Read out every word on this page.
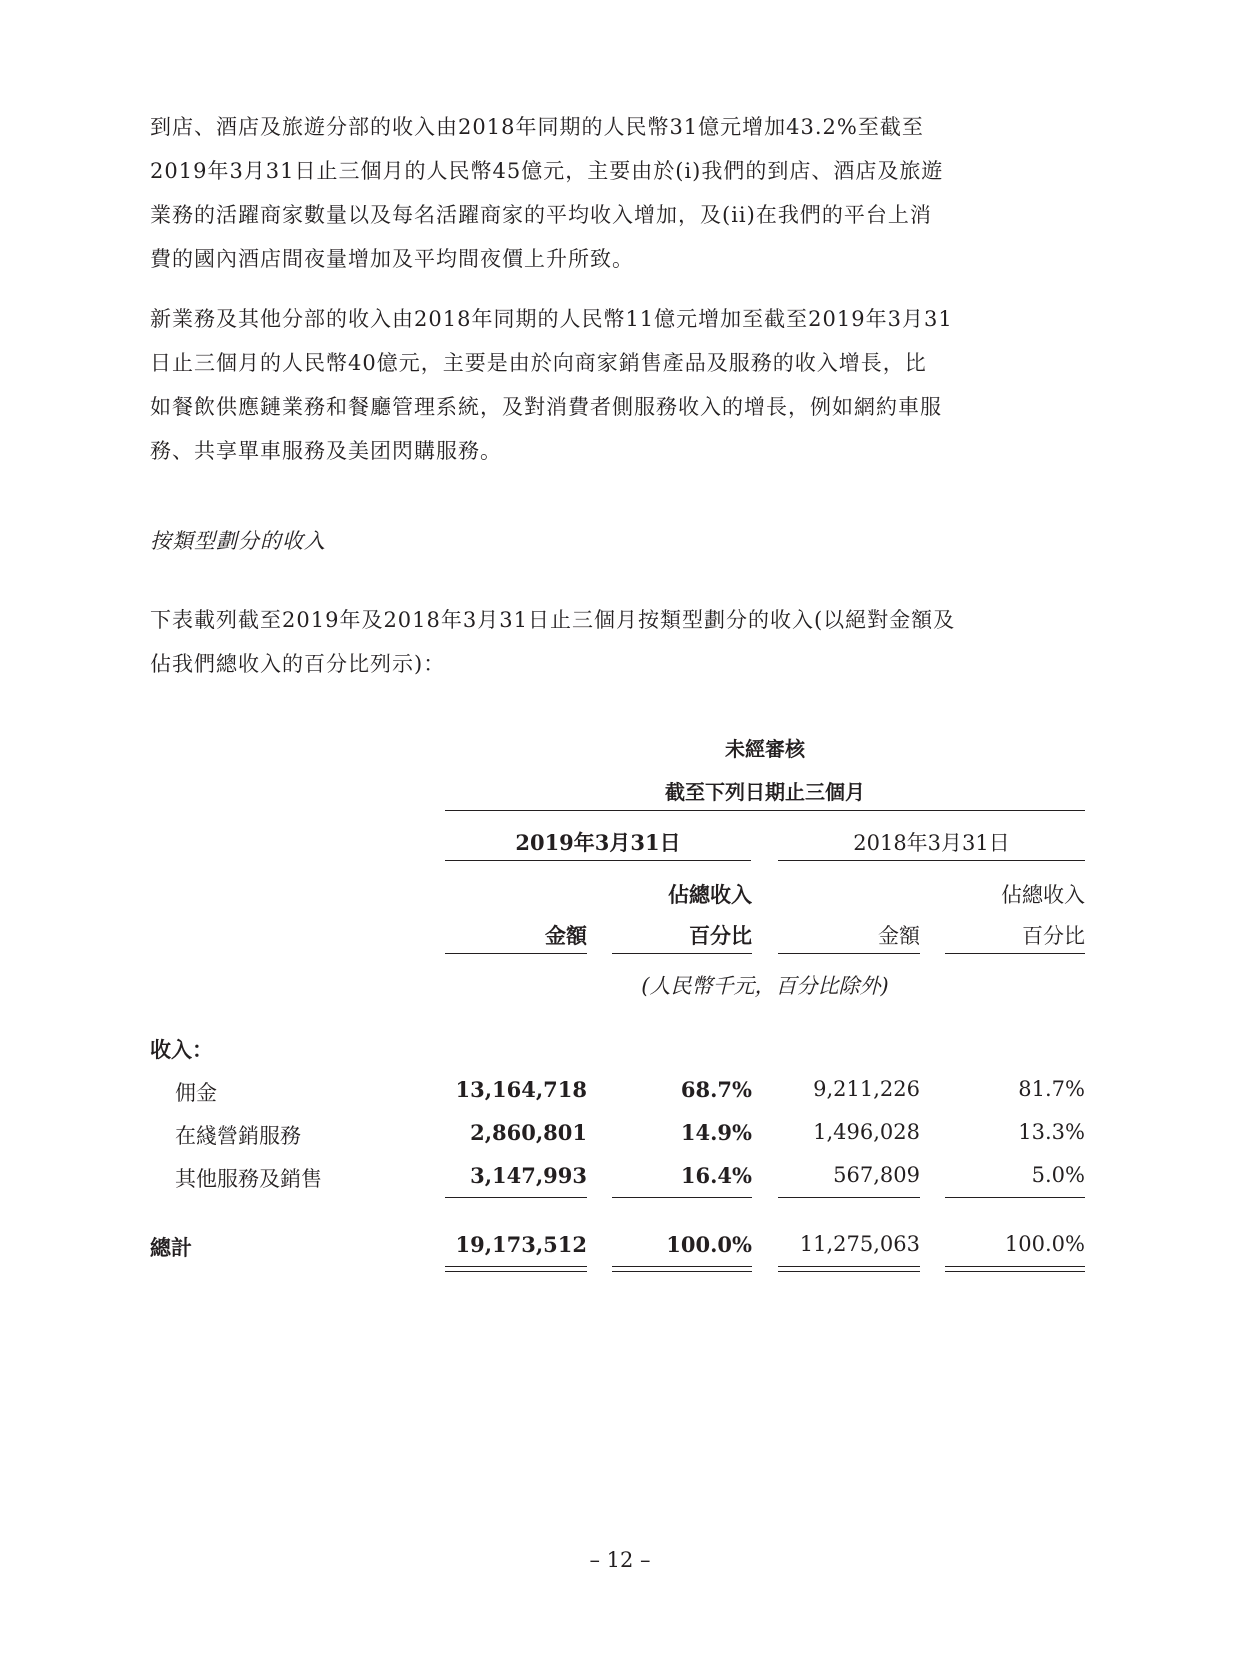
到店、酒店及旅遊分部的收入由2018年同期的人民幣31億元增加43.2%至截至
2019年3月31日止三個月的人民幣45億元，主要由於(i)我們的到店、酒店及旅遊
業務的活躍商家數量以及每名活躍商家的平均收入增加，及(ii)在我們的平台上消
費的國內酒店間夜量增加及平均間夜價上升所致。

新業務及其他分部的收入由2018年同期的人民幣11億元增加至截至2019年3月31
日止三個月的人民幣40億元，主要是由於向商家銷售產品及服務的收入增長，比
如餐飲供應鏈業務和餐廳管理系統，及對消費者側服務收入的增長，例如網約車服
務、共享單車服務及美团閃購服務。

按類型劃分的收入

下表載列截至2019年及2018年3月31日止三個月按類型劃分的收入(以絕對金額及
佔我們總收入的百分比列示)：

未經審核
截至下列日期止三個月
2019年3月31日	2018年3月31日
佔總收入	佔總收入
金額	百分比	金額	百分比
(人民幣千元，百分比除外)
收入：
佣金	13,164,718	68.7%	9,211,226	81.7%
在綫營銷服務	2,860,801	14.9%	1,496,028	13.3%
其他服務及銷售	3,147,993	16.4%	567,809	5.0%
總計	19,173,512	100.0%	11,275,063	100.0%
– 12 –
